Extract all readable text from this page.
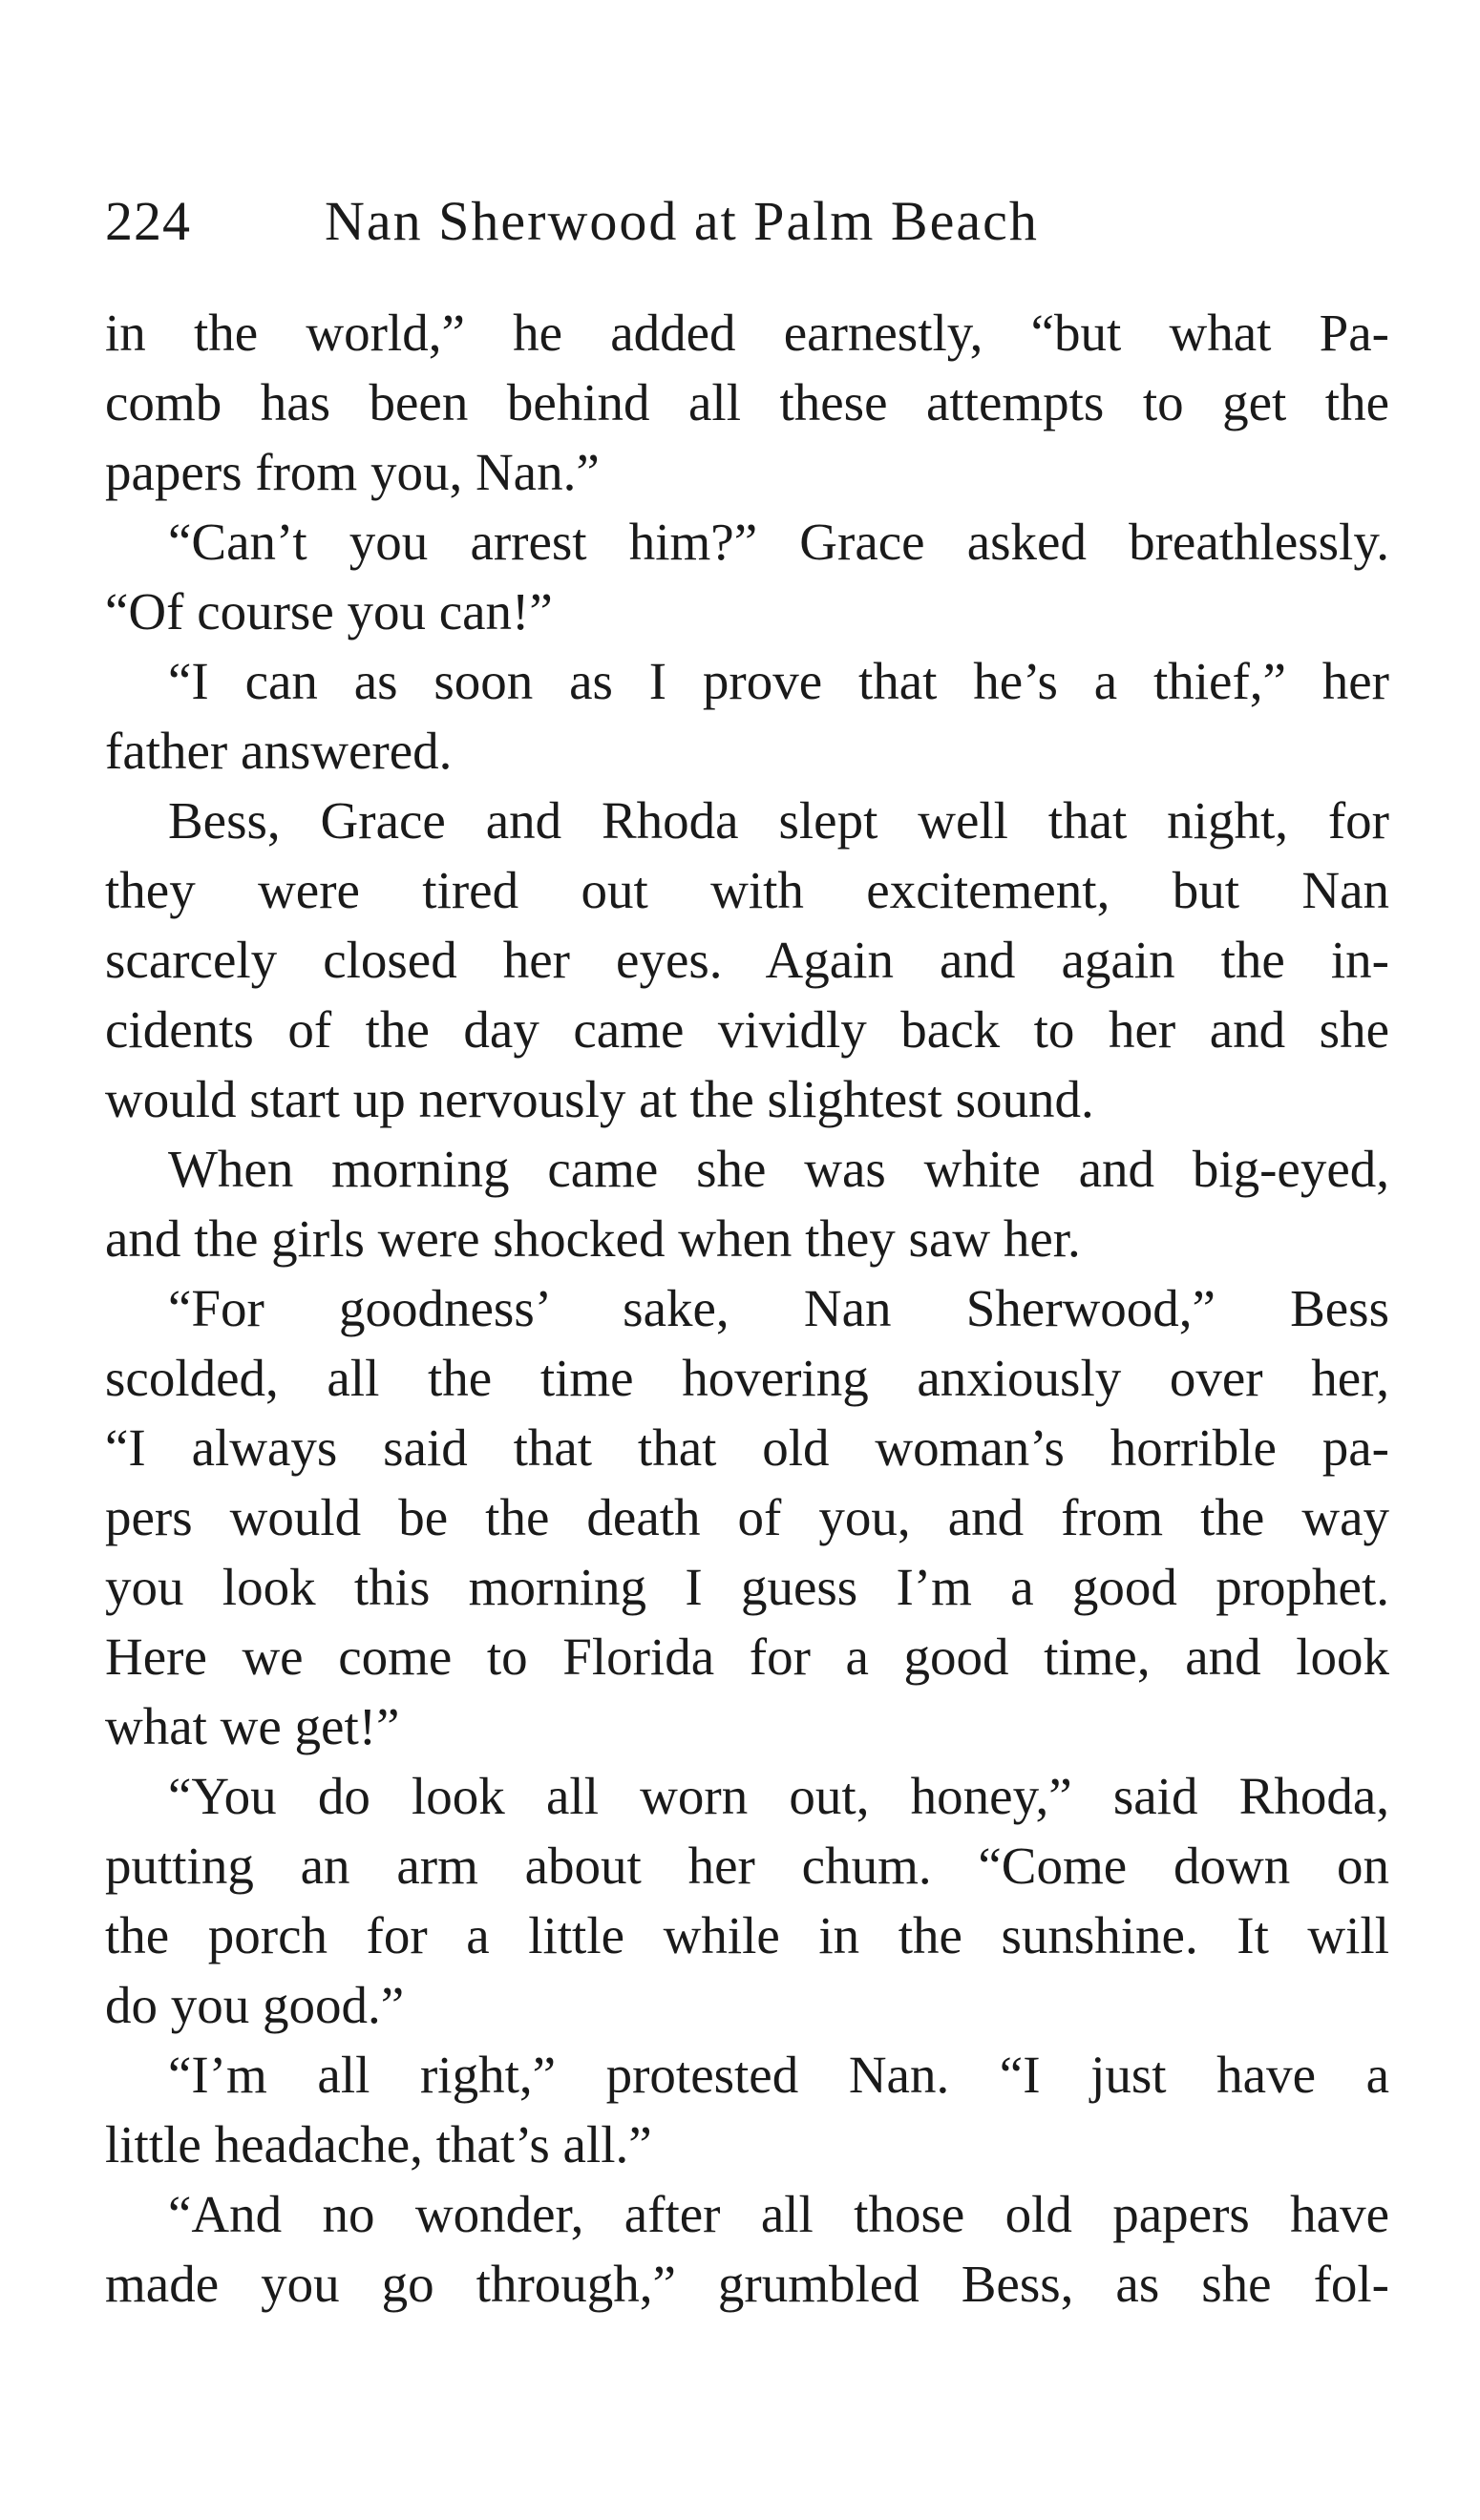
224 Nan Sherwood at Palm Beach
in the world,” he added earnestly, “but what Pa-
comb has been behind all these attempts to get the
papers from you, Nan.”
“Can’t you arrest him?” Grace asked breathlessly.
“Of course you can!”
“I can as soon as I prove that he’s a thief,” her
father answered.
Bess, Grace and Rhoda slept well that night, for
they were tired out with excitement, but Nan
scarcely closed her eyes. Again and again the in-
cidents of the day came vividly back to her and she
would start up nervously at the slightest sound.
When morning came she was white and big-eyed,
and the girls were shocked when they saw her.
“For goodness’ sake, Nan Sherwood,” Bess
scolded, all the time hovering anxiously over her,
“I always said that that old woman’s horrible pa-
pers would be the death of you, and from the way
you look this morning I guess I’m a good prophet.
Here we come to Florida for a good time, and look
what we get!”
“You do look all worn out, honey,” said Rhoda,
putting an arm about her chum. “Come down on
the porch for a little while in the sunshine. It will
do you good.”
“I’m all right,” protested Nan. “I just have a
little headache, that’s all.”
“And no wonder, after all those old papers have
made you go through,” grumbled Bess, as she fol-
